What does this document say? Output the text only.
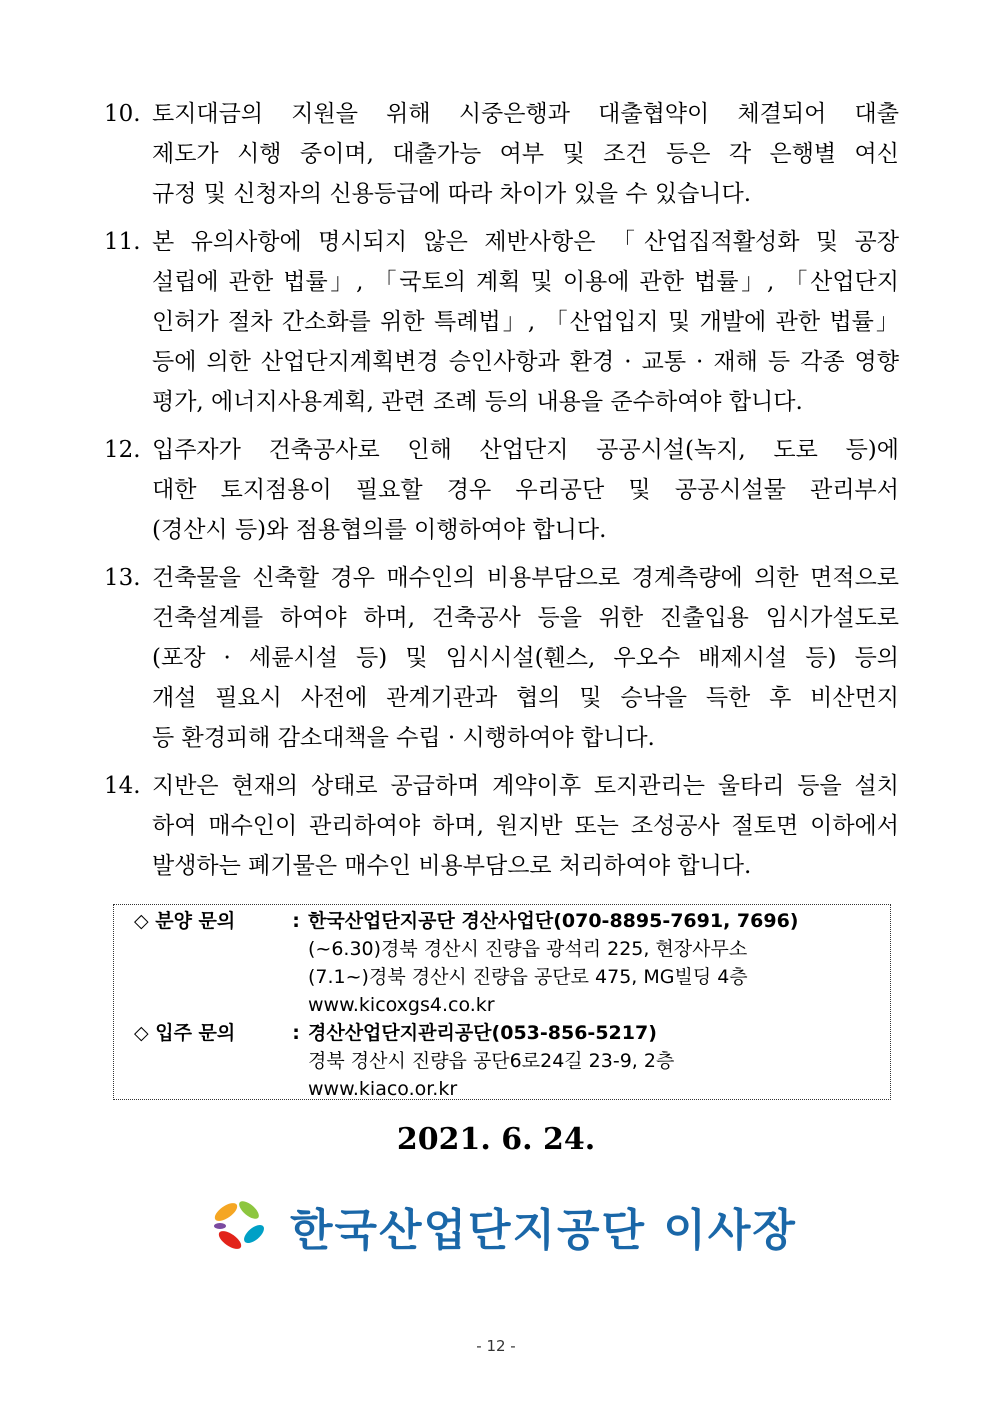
10. 토지대금의 지원을 위해 시중은행과 대출협약이 체결되어 대출
제도가 시행 중이며, 대출가능 여부 및 조건 등은 각 은행별 여신
규정 및 신청자의 신용등급에 따라 차이가 있을 수 있습니다.
11. 본 유의사항에 명시되지 않은 제반사항은 「산업집적활성화 및 공장
설립에 관한 법률」, 「국토의 계획 및 이용에 관한 법률」, 「산업단지
인허가 절차 간소화를 위한 특례법」, 「산업입지 및 개발에 관한 법률」
등에 의한 산업단지계획변경 승인사항과 환경 · 교통 · 재해 등 각종 영향
평가, 에너지사용계획, 관련 조례 등의 내용을 준수하여야 합니다.
12. 입주자가 건축공사로 인해 산업단지 공공시설(녹지, 도로 등)에
대한 토지점용이 필요할 경우 우리공단 및 공공시설물 관리부서
(경산시 등)와 점용협의를 이행하여야 합니다.
13. 건축물을 신축할 경우 매수인의 비용부담으로 경계측량에 의한 면적으로
건축설계를 하여야 하며, 건축공사 등을 위한 진출입용 임시가설도로
(포장 · 세륜시설 등) 및 임시시설(휀스, 우오수 배제시설 등) 등의
개설 필요시 사전에 관계기관과 협의 및 승낙을 득한 후 비산먼지
등 환경피해 감소대책을 수립 · 시행하여야 합니다.
14. 지반은 현재의 상태로 공급하며 계약이후 토지관리는 울타리 등을 설치
하여 매수인이 관리하여야 하며, 원지반 또는 조성공사 절토면 이하에서
발생하는 폐기물은 매수인 비용부담으로 처리하여야 합니다.
◇ 분양 문의	: 한국산업단지공단 경산사업단(070-8895-7691, 7696)
(~6.30)경북 경산시 진량읍 광석리 225, 현장사무소
(7.1~)경북 경산시 진량읍 공단로 475, MG빌딩 4층
www.kicoxgs4.co.kr
◇ 입주 문의	: 경산산업단지관리공단(053-856-5217)
경북 경산시 진량읍 공단6로24길 23-9, 2층
www.kiaco.or.kr
2021. 6. 24.
한국산업단지공단 이사장
- 12 -
